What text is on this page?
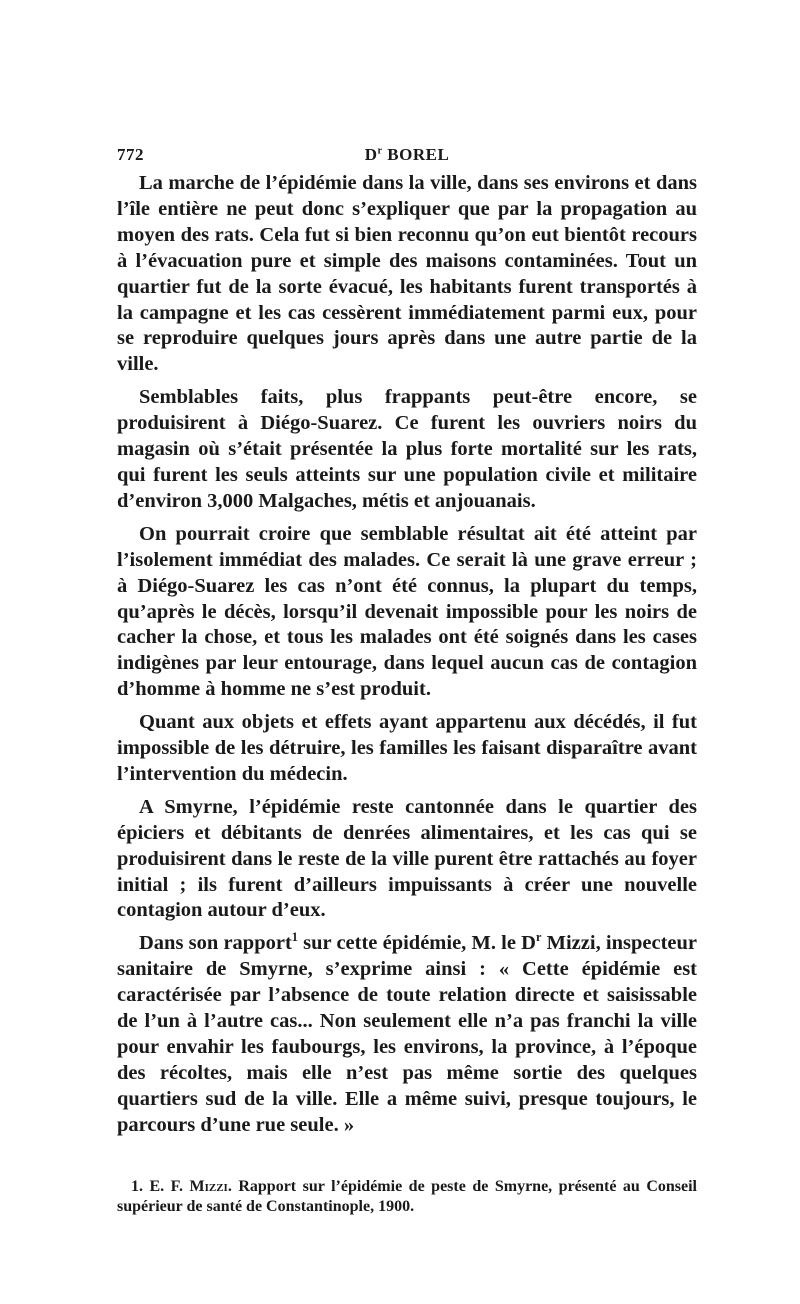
772	$D^r$ BOREL

La marche de l’épidémie dans la ville, dans ses environs et dans l’île entière ne peut donc s’expliquer que par la propagation au moyen des rats. Cela fut si bien reconnu qu’on eut bientôt recours à l’évacuation pure et simple des maisons contaminées. Tout un quartier fut de la sorte évacué, les habitants furent transportés à la campagne et les cas cessèrent immédiatement parmi eux, pour se reproduire quelques jours après dans une autre partie de la ville.

Semblables faits, plus frappants peut-être encore, se produisirent à Diégo-Suarez. Ce furent les ouvriers noirs du magasin où s’était présentée la plus forte mortalité sur les rats, qui furent les seuls atteints sur une population civile et militaire d’environ 3,000 Malgaches, métis et anjouanais.

On pourrait croire que semblable résultat ait été atteint par l’isolement immédiat des malades. Ce serait là une grave erreur ; à Diégo-Suarez les cas n’ont été connus, la plupart du temps, qu’après le décès, lorsqu’il devenait impossible pour les noirs de cacher la chose, et tous les malades ont été soignés dans les cases indigènes par leur entourage, dans lequel aucun cas de contagion d’homme à homme ne s’est produit.

Quant aux objets et effets ayant appartenu aux décédés, il fut impossible de les détruire, les familles les faisant disparaître avant l’intervention du médecin.

A Smyrne, l’épidémie reste cantonnée dans le quartier des épiciers et débitants de denrées alimentaires, et les cas qui se produisirent dans le reste de la ville purent être rattachés au foyer initial ; ils furent d’ailleurs impuissants à créer une nouvelle contagion autour d’eux.

Dans son rapport$^1$ sur cette épidémie, M. le $D^r$ Mizzi, inspecteur sanitaire de Smyrne, s’exprime ainsi : « Cette épidémie est caractérisée par l’absence de toute relation directe et saisissable de l’un à l’autre cas... Non seulement elle n’a pas franchi la ville pour envahir les faubourgs, les environs, la province, à l’époque des récoltes, mais elle n’est pas même sortie des quelques quartiers sud de la ville. Elle a même suivi, presque toujours, le parcours d’une rue seule. »

1. E. F. Mizzi. Rapport sur l’épidémie de peste de Smyrne, présenté au Conseil supérieur de santé de Constantinople, 1900.
